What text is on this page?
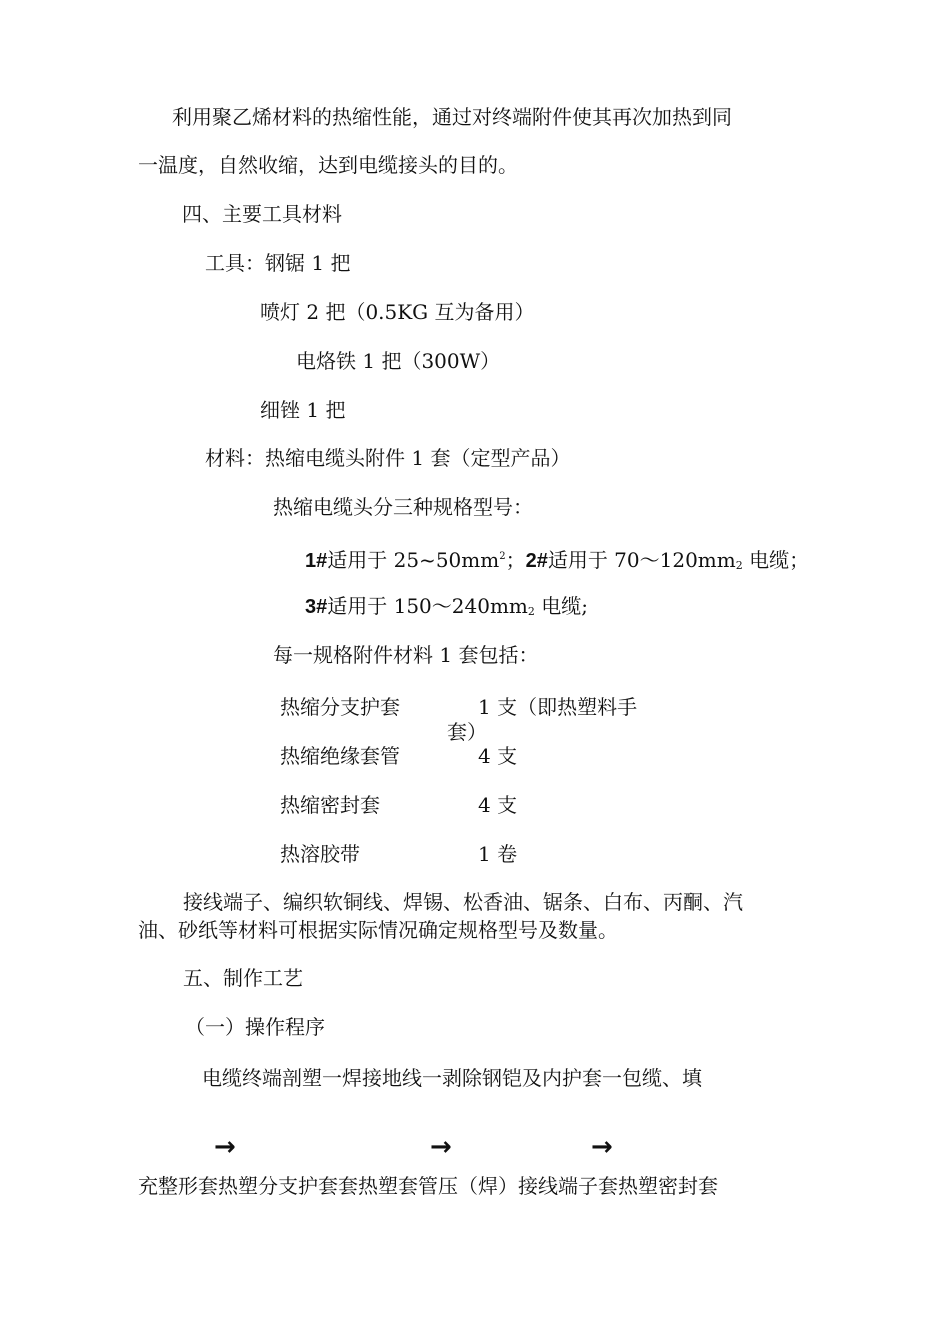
利用聚乙烯材料的热缩性能，通过对终端附件使其再次加热到同
一温度，自然收缩，达到电缆接头的目的。
四、主要工具材料
工具：钢锯 1 把
喷灯 2 把（0.5KG 互为备用）
电烙铁 1 把（300W）
细锉 1 把
材料：热缩电缆头附件 1 套（定型产品）
热缩电缆头分三种规格型号：
1#适用于 $25\sim 50mm^2$；2#适用于 70～120mm2 电缆；
3#适用于 150～240mm2 电缆;
每一规格附件材料 1 套包括：
热缩分支护套	1 支（即热塑料手
套）
热缩绝缘套管	4 支
热缩密封套	4 支
热溶胶带	1 卷
接线端子、编织软铜线、焊锡、松香油、锯条、白布、丙酮、汽
油、砂纸等材料可根据实际情况确定规格型号及数量。
五、制作工艺
（一）操作程序
电缆终端剖塑一焊接地线一剥除钢铠及内护套一包缆、填
→	→	→
充整形套热塑分支护套套热塑套管压（焊）接线端子套热塑密封套
